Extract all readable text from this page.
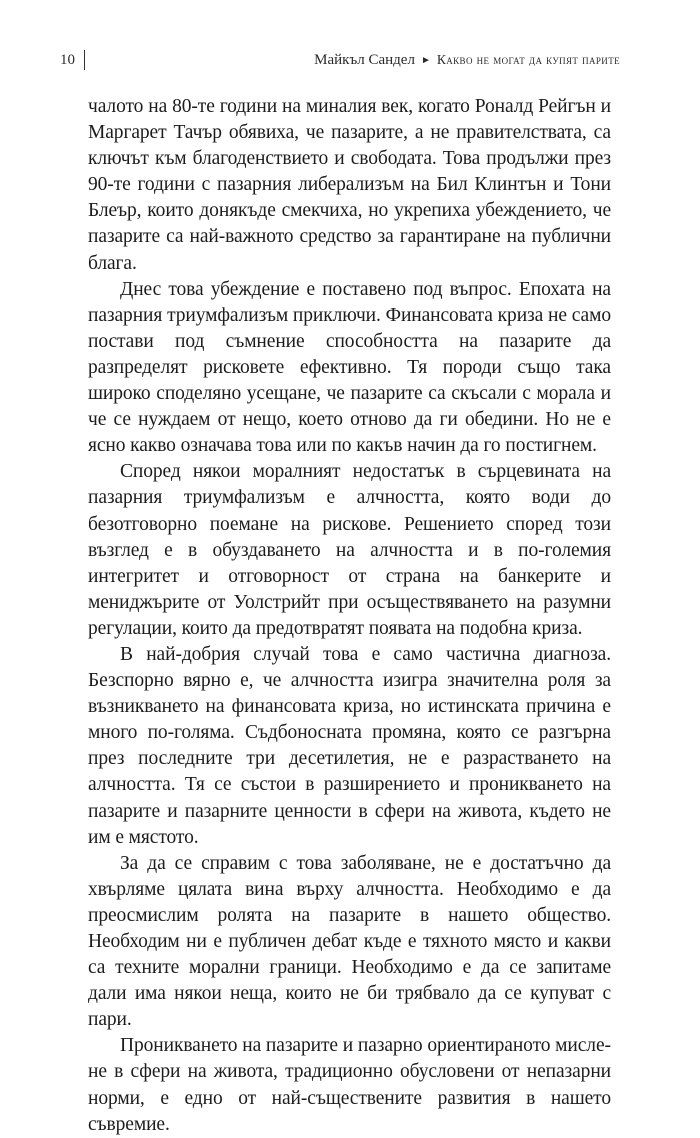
10	Майкъл Сандел ► Какво не могат да купят парите

чалото на 80-те години на миналия век, когато Роналд Рейгън и Маргарет Тачър обявиха, че пазарите, а не правителствата, са ключът към благоденствието и свободата. Това продължи през 90-те години с пазарния либерализъм на Бил Клинтън и Тони Блеър, които донякъде смекчиха, но укрепиха убеждението, че пазарите са най-важното средство за гарантиране на публични блага.

Днес това убеждение е поставено под въпрос. Епохата на пазарния триумфализъм приключи. Финансовата криза не само постави под съмнение способността на пазарите да разпределят рисковете ефективно. Тя породи също така широко споделяно усещане, че пазарите са скъсали с морала и че се нуждаем от нещо, което отново да ги обедини. Но не е ясно какво означава това или по какъв начин да го постигнем.

Според някои моралният недостатък в сърцевината на пазарния триумфализъм е алчността, която води до безотговорно поемане на рискове. Решението според този възглед е в обуздаването на алчността и в по-големия интегритет и отговорност от страна на банкерите и мениджърите от Уолстрийт при осъществяването на разумни регулации, които да предотвратят появата на подобна криза.

В най-добрия случай това е само частична диагноза. Безспорно вярно е, че алчността изигра значителна роля за възникването на финансовата криза, но истинската причина е много по-голяма. Съдбоносната промяна, която се разгърна през последните три десетилетия, не е разрастването на алчността. Тя се състои в разширението и проникването на пазарите и пазарните ценности в сфери на живота, където не им е мястото.

За да се справим с това заболяване, не е достатъчно да хвърляме цялата вина върху алчността. Необходимо е да преосмислим ролята на пазарите в нашето общество. Необходим ни е публичен дебат къде е тяхното място и какви са техните морални граници. Необходимо е да се запитаме дали има някои неща, които не би трябвало да се купуват с пари.

Проникването на пазарите и пазарно ориентираното мислене в сфери на живота, традиционно обусловени от непазарни норми, е едно от най-съществените развития в нашето съвремие.
